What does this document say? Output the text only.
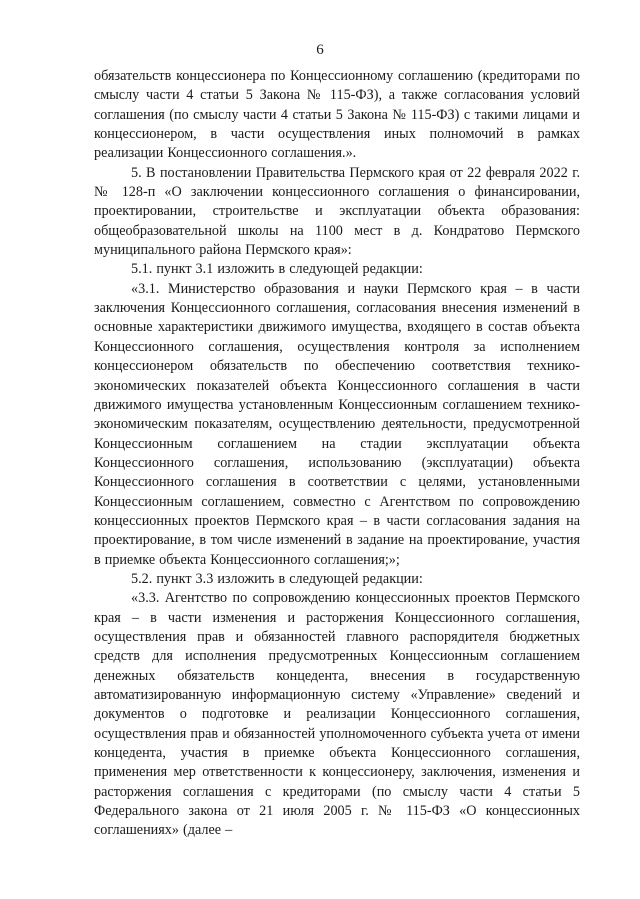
6

обязательств концессионера по Концессионному соглашению (кредиторами по смыслу части 4 статьи 5 Закона № 115-ФЗ), а также согласования условий соглашения (по смыслу части 4 статьи 5 Закона № 115-ФЗ) с такими лицами и концессионером, в части осуществления иных полномочий в рамках реализации Концессионного соглашения.».

5. В постановлении Правительства Пермского края от 22 февраля 2022 г. № 128-п «О заключении концессионного соглашения о финансировании, проектировании, строительстве и эксплуатации объекта образования: общеобразовательной школы на 1100 мест в д. Кондратово Пермского муниципального района Пермского края»:

5.1. пункт 3.1 изложить в следующей редакции:

«3.1. Министерство образования и науки Пермского края – в части заключения Концессионного соглашения, согласования внесения изменений в основные характеристики движимого имущества, входящего в состав объекта Концессионного соглашения, осуществления контроля за исполнением концессионером обязательств по обеспечению соответствия технико-экономических показателей объекта Концессионного соглашения в части движимого имущества установленным Концессионным соглашением технико-экономическим показателям, осуществлению деятельности, предусмотренной Концессионным соглашением на стадии эксплуатации объекта Концессионного соглашения, использованию (эксплуатации) объекта Концессионного соглашения в соответствии с целями, установленными Концессионным соглашением, совместно с Агентством по сопровождению концессионных проектов Пермского края – в части согласования задания на проектирование, в том числе изменений в задание на проектирование, участия в приемке объекта Концессионного соглашения;»;

5.2. пункт 3.3 изложить в следующей редакции:

«3.3. Агентство по сопровождению концессионных проектов Пермского края – в части изменения и расторжения Концессионного соглашения, осуществления прав и обязанностей главного распорядителя бюджетных средств для исполнения предусмотренных Концессионным соглашением денежных обязательств концедента, внесения в государственную автоматизированную информационную систему «Управление» сведений и документов о подготовке и реализации Концессионного соглашения, осуществления прав и обязанностей уполномоченного субъекта учета от имени концедента, участия в приемке объекта Концессионного соглашения, применения мер ответственности к концессионеру, заключения, изменения и расторжения соглашения с кредиторами (по смыслу части 4 статьи 5 Федерального закона от 21 июля 2005 г. № 115-ФЗ «О концессионных соглашениях» (далее –
